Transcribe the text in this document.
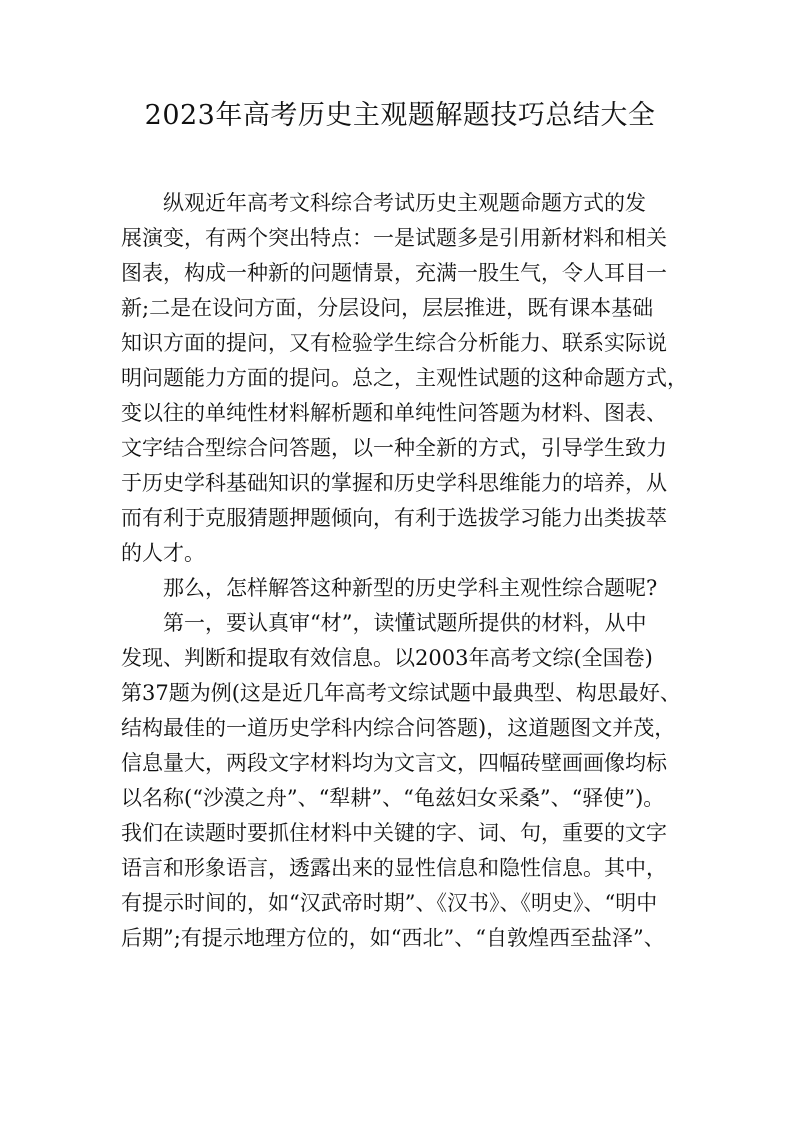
2023年高考历史主观题解题技巧总结大全

　　纵观近年高考文科综合考试历史主观题命题方式的发

展演变，有两个突出特点：一是试题多是引用新材料和相关

图表，构成一种新的问题情景，充满一股生气，令人耳目一

新;二是在设问方面，分层设问，层层推进，既有课本基础

知识方面的提问，又有检验学生综合分析能力、联系实际说

明问题能力方面的提问。总之，主观性试题的这种命题方式，

变以往的单纯性材料解析题和单纯性问答题为材料、图表、

文字结合型综合问答题，以一种全新的方式，引导学生致力

于历史学科基础知识的掌握和历史学科思维能力的培养，从

而有利于克服猜题押题倾向，有利于选拔学习能力出类拔萃

的人才。

　　那么，怎样解答这种新型的历史学科主观性综合题呢?

　　第一，要认真审“材”，读懂试题所提供的材料，从中

发现、判断和提取有效信息。以2003年高考文综(全国卷)

第37题为例(这是近几年高考文综试题中最典型、构思最好、

结构最佳的一道历史学科内综合问答题)，这道题图文并茂，

信息量大，两段文字材料均为文言文，四幅砖壁画画像均标

以名称(“沙漠之舟”、“犁耕”、“龟兹妇女采桑”、“驿使”)。

我们在读题时要抓住材料中关键的字、词、句，重要的文字

语言和形象语言，透露出来的显性信息和隐性信息。其中，

有提示时间的，如“汉武帝时期”、《汉书》、《明史》、“明中

后期”;有提示地理方位的，如“西北”、“自敦煌西至盐泽”、
